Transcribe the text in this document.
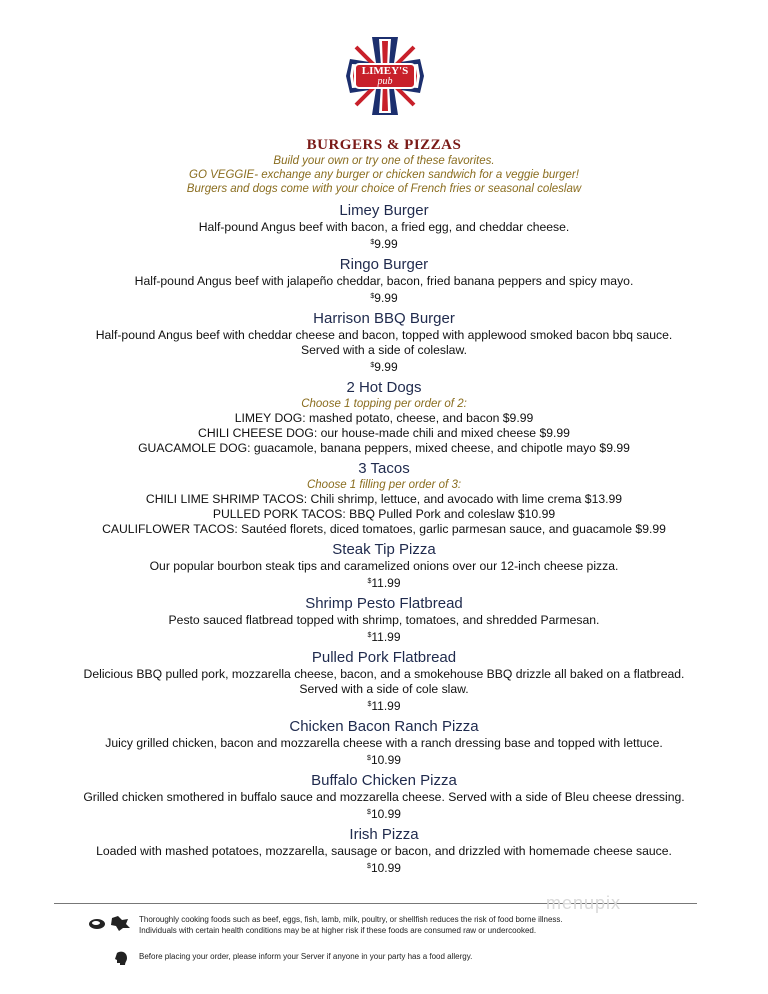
LIMEY'S
pub
BURGERS & PIZZAS
Build your own or try one of these favorites.
GO VEGGIE- exchange any burger or chicken sandwich for a veggie burger!
Burgers and dogs come with your choice of French fries or seasonal coleslaw
Limey Burger
Half-pound Angus beef with bacon, a fried egg, and cheddar cheese.
$9.99
Ringo Burger
Half-pound Angus beef with jalapeño cheddar, bacon, fried banana peppers and spicy mayo.
$9.99
Harrison BBQ Burger
Half-pound Angus beef with cheddar cheese and bacon, topped with applewood smoked bacon bbq sauce.
Served with a side of coleslaw.
$9.99
2 Hot Dogs
Choose 1 topping per order of 2:
LIMEY DOG: mashed potato, cheese, and bacon $9.99
CHILI CHEESE DOG: our house-made chili and mixed cheese $9.99
GUACAMOLE DOG: guacamole, banana peppers, mixed cheese, and chipotle mayo $9.99
3 Tacos
Choose 1 filling per order of 3:
CHILI LIME SHRIMP TACOS: Chili shrimp, lettuce, and avocado with lime crema $13.99
PULLED PORK TACOS: BBQ Pulled Pork and coleslaw $10.99
CAULIFLOWER TACOS: Sautéed florets, diced tomatoes, garlic parmesan sauce, and guacamole $9.99
Steak Tip Pizza
Our popular bourbon steak tips and caramelized onions over our 12-inch cheese pizza.
$11.99
Shrimp Pesto Flatbread
Pesto sauced flatbread topped with shrimp, tomatoes, and shredded Parmesan.
$11.99
Pulled Pork Flatbread
Delicious BBQ pulled pork, mozzarella cheese, bacon, and a smokehouse BBQ drizzle all baked on a flatbread.
Served with a side of cole slaw.
$11.99
Chicken Bacon Ranch Pizza
Juicy grilled chicken, bacon and mozzarella cheese with a ranch dressing base and topped with lettuce.
$10.99
Buffalo Chicken Pizza
Grilled chicken smothered in buffalo sauce and mozzarella cheese. Served with a side of Bleu cheese dressing.
$10.99
Irish Pizza
Loaded with mashed potatoes, mozzarella, sausage or bacon, and drizzled with homemade cheese sauce.
$10.99
Thoroughly cooking foods such as beef, eggs, fish, lamb, milk, poultry, or shellfish reduces the risk of food borne illness.
Individuals with certain health conditions may be at higher risk if these foods are consumed raw or undercooked.
Before placing your order, please inform your Server if anyone in your party has a food allergy.
menupix
